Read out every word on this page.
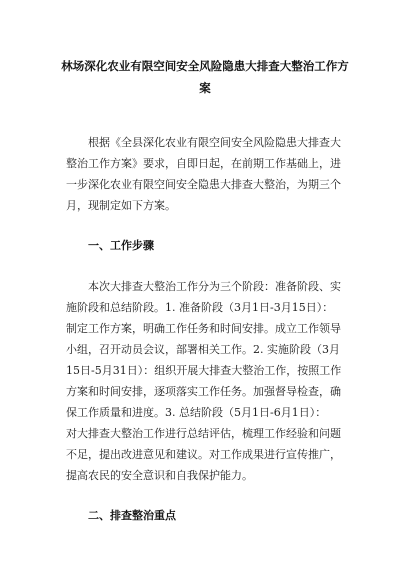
林场深化农业有限空间安全风险隐患大排查大整治工作方
案

根据《全县深化农业有限空间安全风险隐患大排查大

整治工作方案》要求，自即日起，在前期工作基础上，进

一步深化农业有限空间安全隐患大排查大整治，为期三个

月，现制定如下方案。

一、工作步骤

本次大排查大整治工作分为三个阶段：准备阶段、实

施阶段和总结阶段。1. 准备阶段（3月1日-3月15日）：

制定工作方案，明确工作任务和时间安排。成立工作领导

小组，召开动员会议，部署相关工作。2. 实施阶段（3月

15日-5月31日）：组织开展大排查大整治工作，按照工作

方案和时间安排，逐项落实工作任务。加强督导检查，确

保工作质量和进度。3. 总结阶段（5月1日-6月1日）：

对大排查大整治工作进行总结评估，梳理工作经验和问题

不足，提出改进意见和建议。对工作成果进行宣传推广，

提高农民的安全意识和自我保护能力。

二、排查整治重点
